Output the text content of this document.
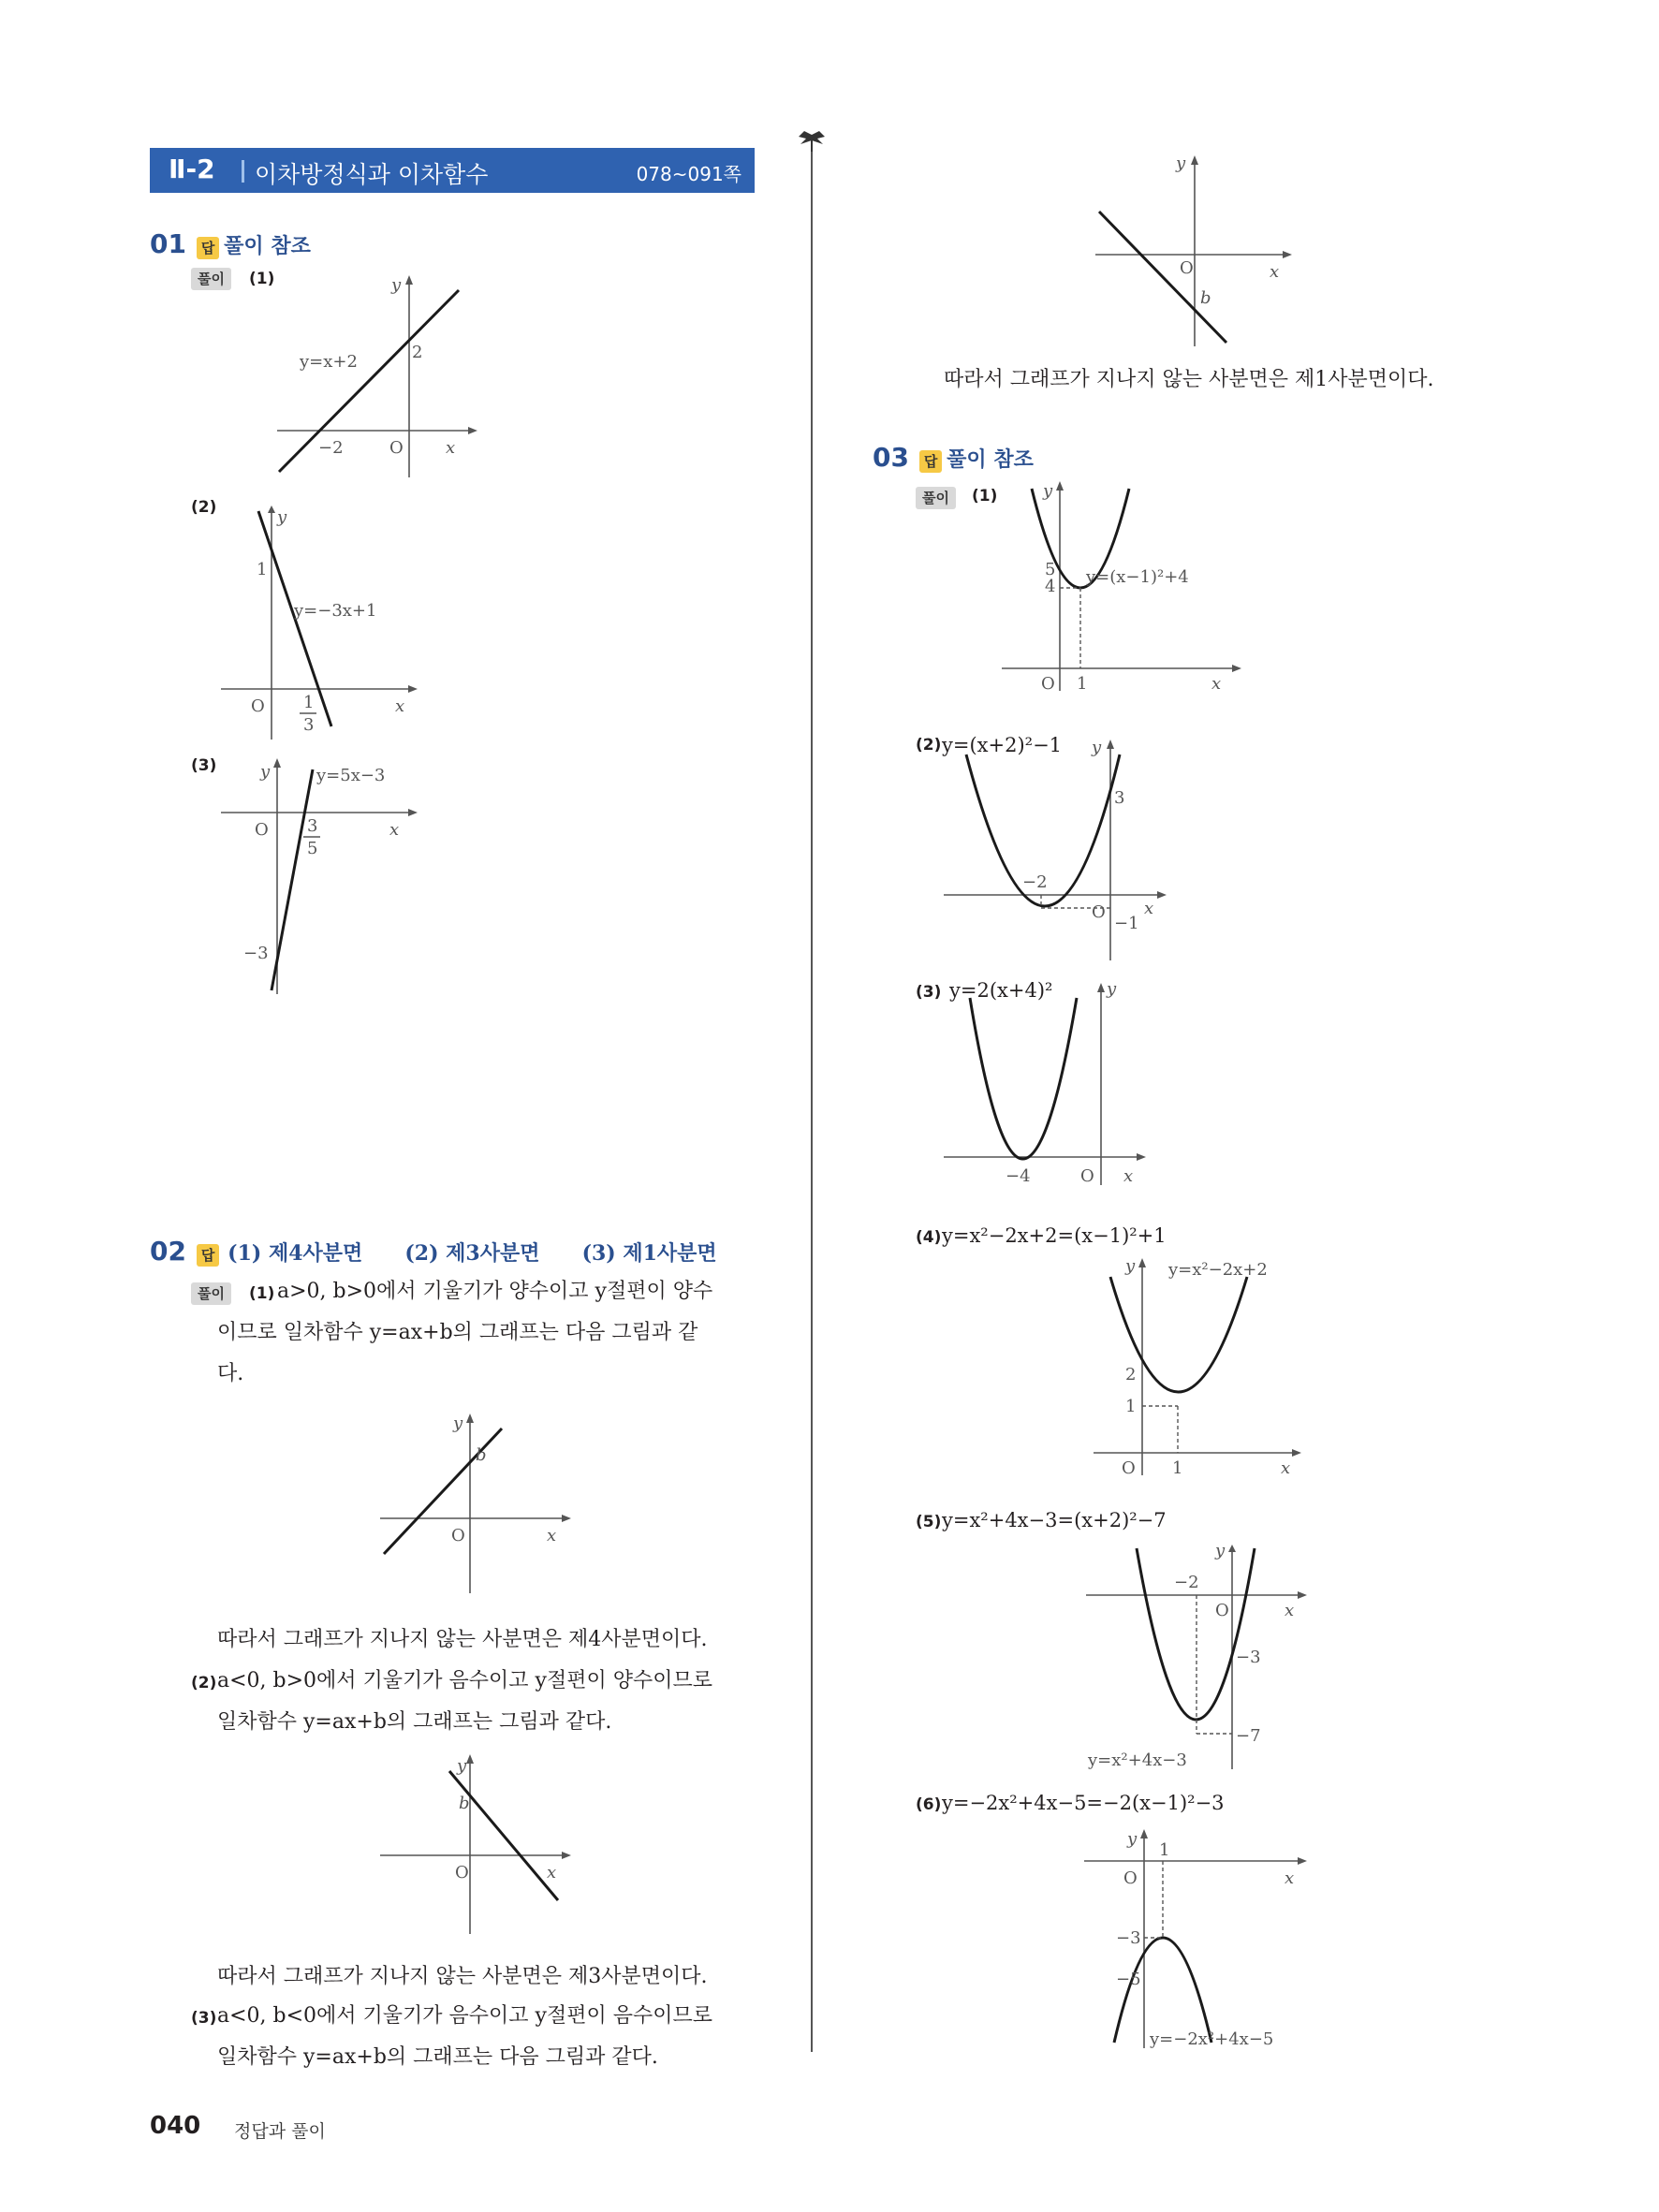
Ⅱ-2 이차방정식과 이차함수	078~091쪽
01 답 풀이 참조
풀이	(1)
y=x+2	2
−2	O	x
y
(2)
y=−3x+1
1
O 1
3
x
y
(3)	y=5x−3
O 3
5
−3
x
y
02 답 (1) 제4사분면 (2) 제3사분면 (3) 제1사분면
풀이	(1) a>0, b>0에서 기울기가 양수이고 y절편이 양수
이므로 일차함수 y=ax+b의 그래프는 다음 그림과 같
다.
b
O	x
y
따라서 그래프가 지나지 않는 사분면은 제4사분면이다.
(2) a<0, b>0에서 기울기가 음수이고 y절편이 양수이므로
일차함수 y=ax+b의 그래프는 그림과 같다.
b
O	x
y
따라서 그래프가 지나지 않는 사분면은 제3사분면이다.
(3) a<0, b<0에서 기울기가 음수이고 y절편이 음수이므로
일차함수 y=ax+b의 그래프는 다음 그림과 같다.
O
b
x
y
따라서 그래프가 지나지 않는 사분면은 제1사분면이다.
03 답 풀이 참조
풀이	(1)
y=(x−1)²+4
5
4
O 1	x
y
(2) y=(x+2)²−1
3
−2
O
−1
x
y
(3) y=2(x+4)²
−4	O x
y
(4) y=x²−2x+2=(x−1)²+1
y=x²−2x+2
2
1
O 1	x
y
(5) y=x²+4x−3=(x+2)²−7
−2
O
−3
−7
y=x²+4x−3
x
y
(6) y=−2x²+4x−5=−2(x−1)²−3
1
O
−3
−5
y=−2x²+4x−5
x
y
040 정답과 풀이
